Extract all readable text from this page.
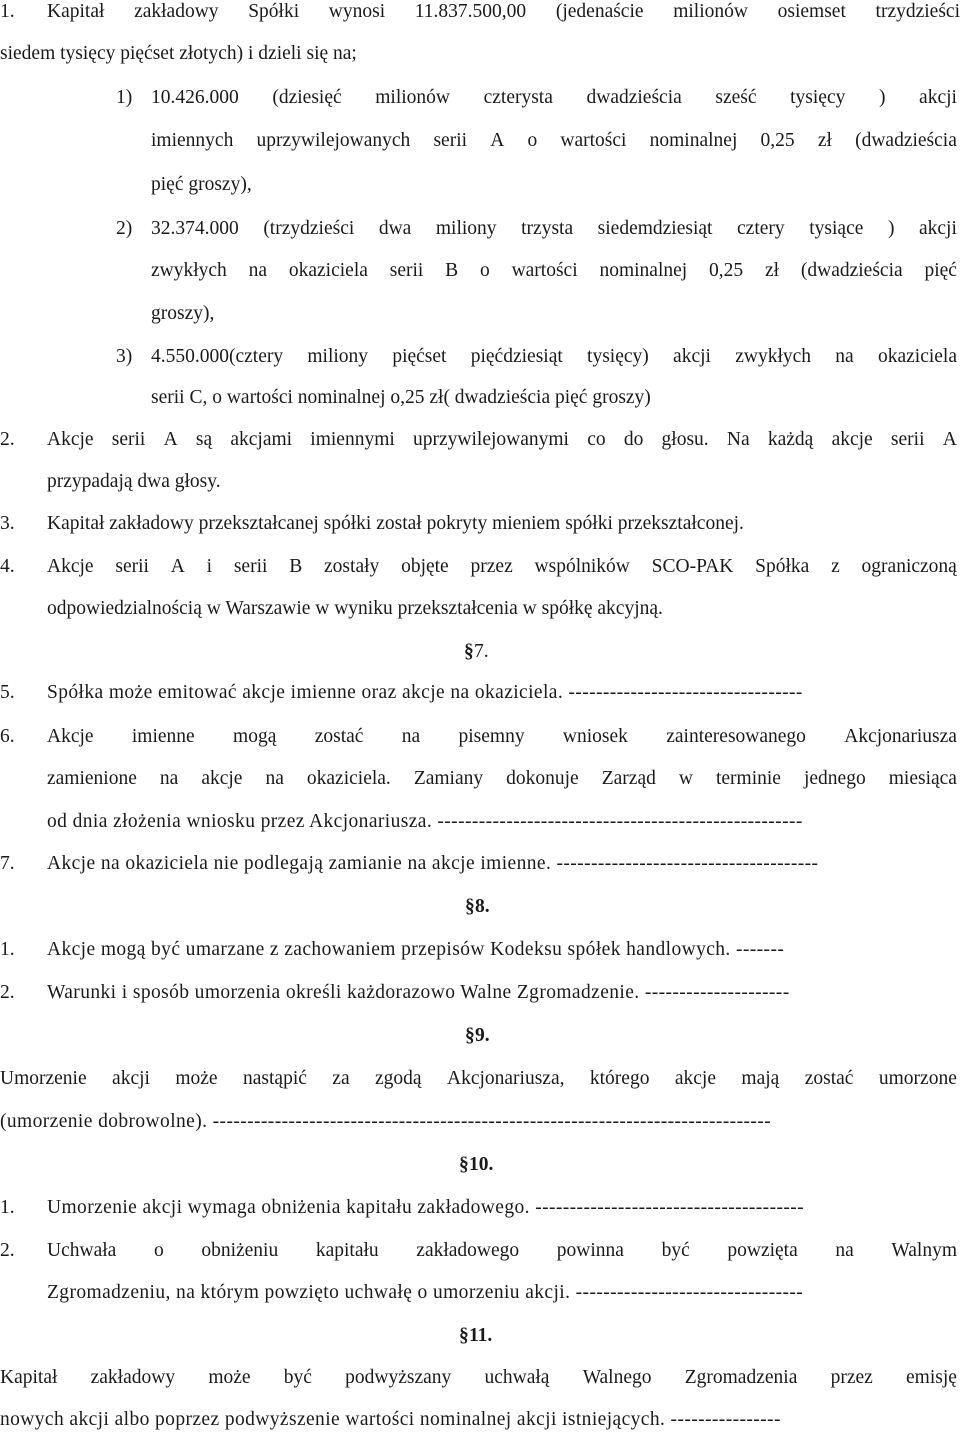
1. Kapitał zakładowy Spółki wynosi 11.837.500,00 (jedenaście milionów osiemset trzydzieści
siedem tysięcy pięćset złotych) i dzieli się na;
1) 10.426.000 (dziesięć milionów czterysta dwadzieścia sześć tysięcy ) akcji
imiennych uprzywilejowanych serii A o wartości nominalnej 0,25 zł (dwadzieścia
pięć groszy),
2) 32.374.000 (trzydzieści dwa miliony trzysta siedemdziesiąt cztery tysiące ) akcji
zwykłych na okaziciela serii B o wartości nominalnej 0,25 zł (dwadzieścia pięć
groszy),
3) 4.550.000(cztery miliony pięćset pięćdziesiąt tysięcy) akcji zwykłych na okaziciela
serii C, o wartości nominalnej o,25 zł( dwadzieścia pięć groszy)
2. Akcje serii A są akcjami imiennymi uprzywilejowanymi co do głosu. Na każdą akcje serii A
przypadają dwa głosy.
3. Kapitał zakładowy przekształcanej spółki został pokryty mieniem spółki przekształconej.
4. Akcje serii A i serii B zostały objęte przez wspólników SCO-PAK Spółka z ograniczoną
odpowiedzialnością w Warszawie w wyniku przekształcenia w spółkę akcyjną.
§ 7.
5. Spółka może emitować akcje imienne oraz akcje na okaziciela. ----------------------------------
6. Akcje imienne mogą zostać na pisemny wniosek zainteresowanego Akcjonariusza
zamienione na akcje na okaziciela. Zamiany dokonuje Zarząd w terminie jednego miesiąca
od dnia złożenia wniosku przez Akcjonariusza. -----------------------------------------------------
7. Akcje na okaziciela nie podlegają zamianie na akcje imienne. --------------------------------------
§ 8.
1. Akcje mogą być umarzane z zachowaniem przepisów Kodeksu spółek handlowych. -------
2. Warunki i sposób umorzenia określi każdorazowo Walne Zgromadzenie. ---------------------
§ 9.
Umorzenie akcji może nastąpić za zgodą Akcjonariusza, którego akcje mają zostać umorzone
(umorzenie dobrowolne). ---------------------------------------------------------------------------------
§ 10.
1. Umorzenie akcji wymaga obniżenia kapitału zakładowego. ---------------------------------------
2. Uchwała o obniżeniu kapitału zakładowego powinna być powzięta na Walnym
Zgromadzeniu, na którym powzięto uchwałę o umorzeniu akcji. ---------------------------------
§ 11.
Kapitał zakładowy może być podwyższany uchwałą Walnego Zgromadzenia przez emisję
nowych akcji albo poprzez podwyższenie wartości nominalnej akcji istniejących. ----------------
